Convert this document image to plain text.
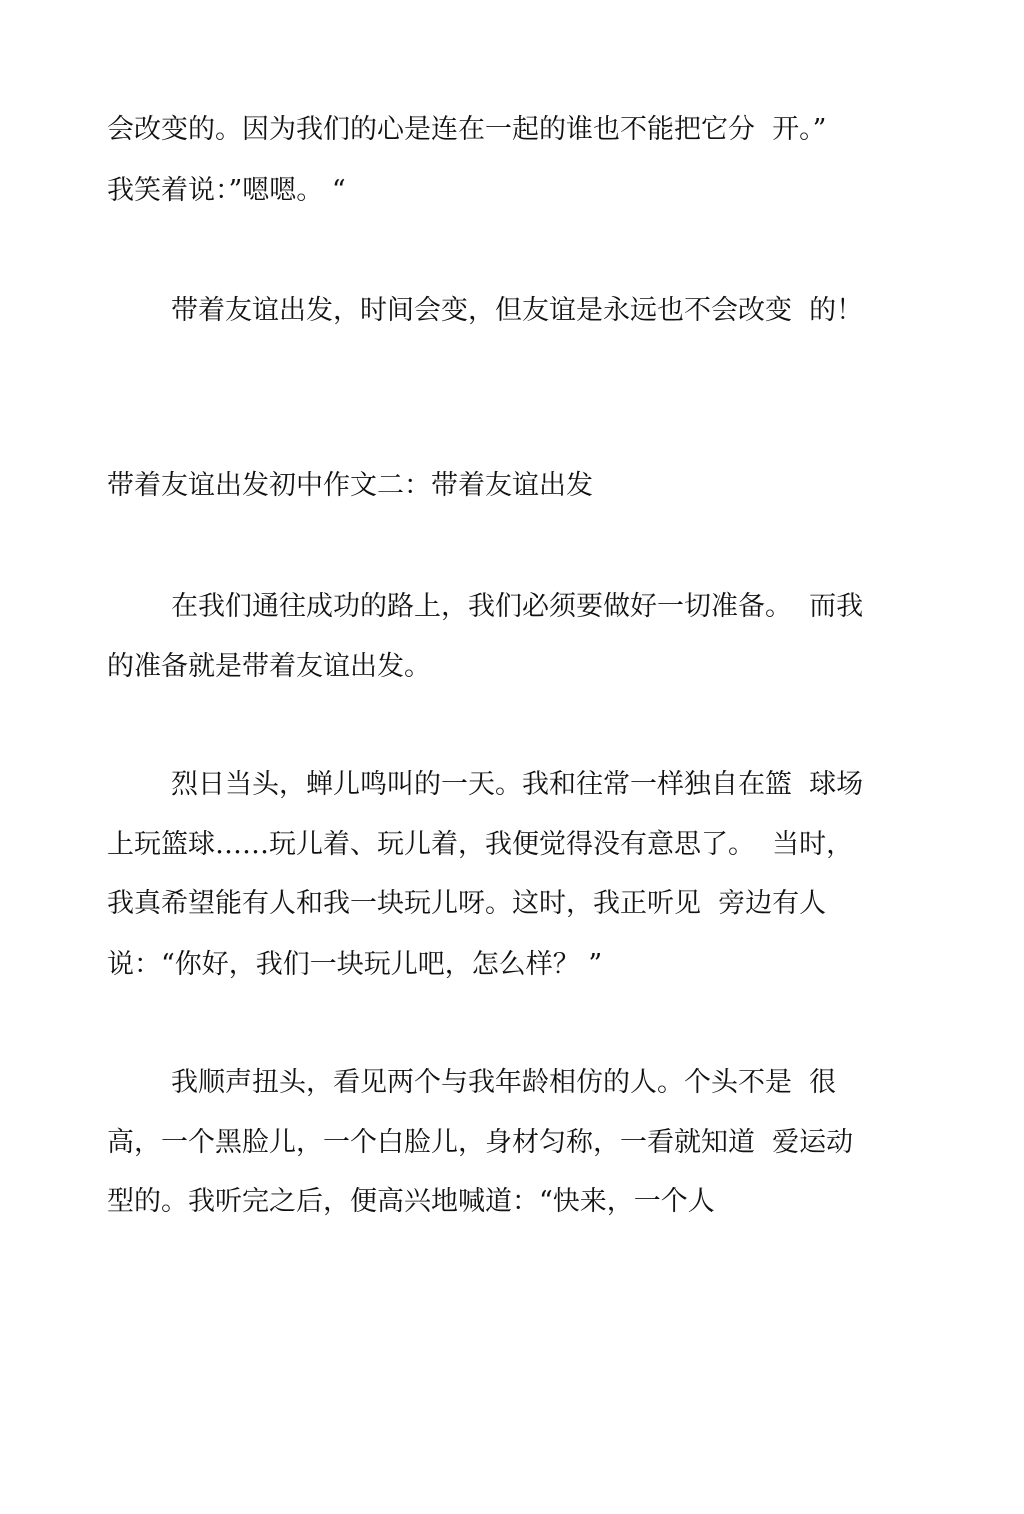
会改变的。因为我们的心是连在一起的谁也不能把它分  开。”
我笑着说：”嗯嗯。 “
带着友谊出发，时间会变，但友谊是永远也不会改变  的！
带着友谊出发初中作文二：带着友谊出发
在我们通往成功的路上，我们必须要做好一切准备。  而我
的准备就是带着友谊出发。
烈日当头，蝉儿鸣叫的一天。我和往常一样独自在篮  球场
上玩篮球……玩儿着、玩儿着，我便觉得没有意思了。  当时，
我真希望能有人和我一块玩儿呀。这时，我正听见  旁边有人
说：“你好，我们一块玩儿吧，怎么样？ ”
我顺声扭头，看见两个与我年龄相仿的人。个头不是  很
高，一个黑脸儿，一个白脸儿，身材匀称，一看就知道  爱运动
型的。我听完之后，便高兴地喊道：“快来，一个人
